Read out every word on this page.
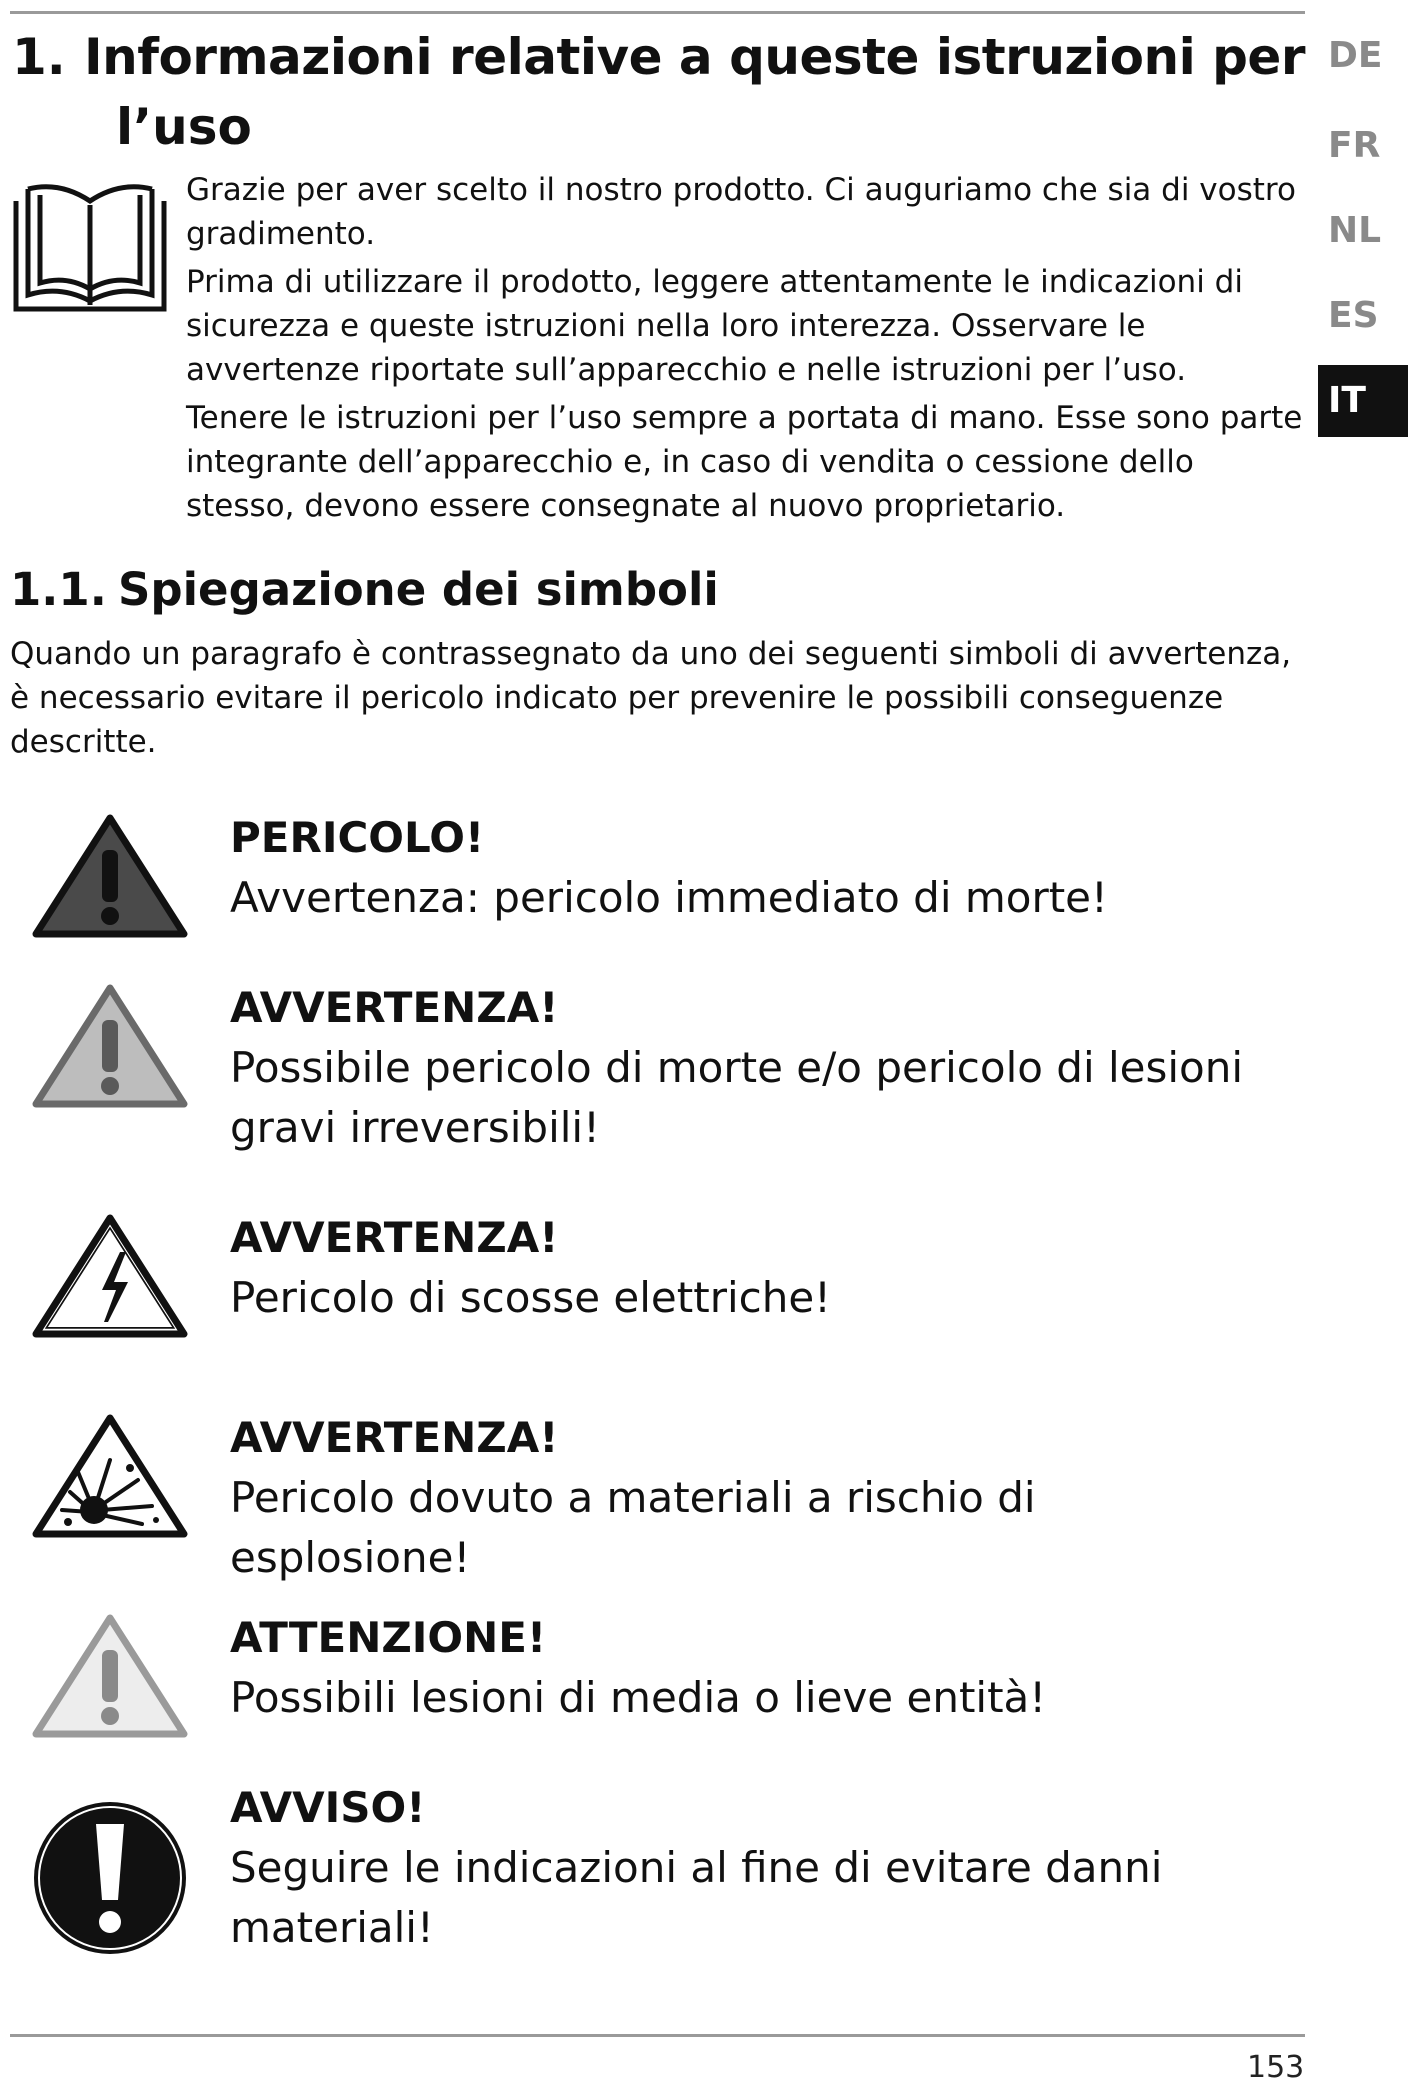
1. Informazioni relative a queste istruzioni per
l’uso

Grazie per aver scelto il nostro prodotto. Ci auguriamo che sia di vostro gradimento.

Prima di utilizzare il prodotto, leggere attentamente le indicazioni di sicurezza e queste istruzioni nella loro interezza. Osservare le avvertenze riportate sull’apparecchio e nelle istruzioni per l’uso.

Tenere le istruzioni per l’uso sempre a portata di mano. Esse sono parte integrante dell’apparecchio e, in caso di vendita o cessione dello stesso, devono essere consegnate al nuovo proprietario.

1.1. Spiegazione dei simboli

Quando un paragrafo è contrassegnato da uno dei seguenti simboli di avvertenza, è necessario evitare il pericolo indicato per prevenire le possibili conseguenze descritte.

PERICOLO!
Avvertenza: pericolo immediato di morte!
AVVERTENZA!
Possibile pericolo di morte e/o pericolo di lesioni gravi irreversibili!
AVVERTENZA!
Pericolo di scosse elettriche!
AVVERTENZA!
Pericolo dovuto a materiali a rischio di esplosione!
ATTENZIONE!
Possibili lesioni di media o lieve entità!
AVVISO!
Seguire le indicazioni al fine di evitare danni materiali!
DE
FR
NL
ES
IT
153
